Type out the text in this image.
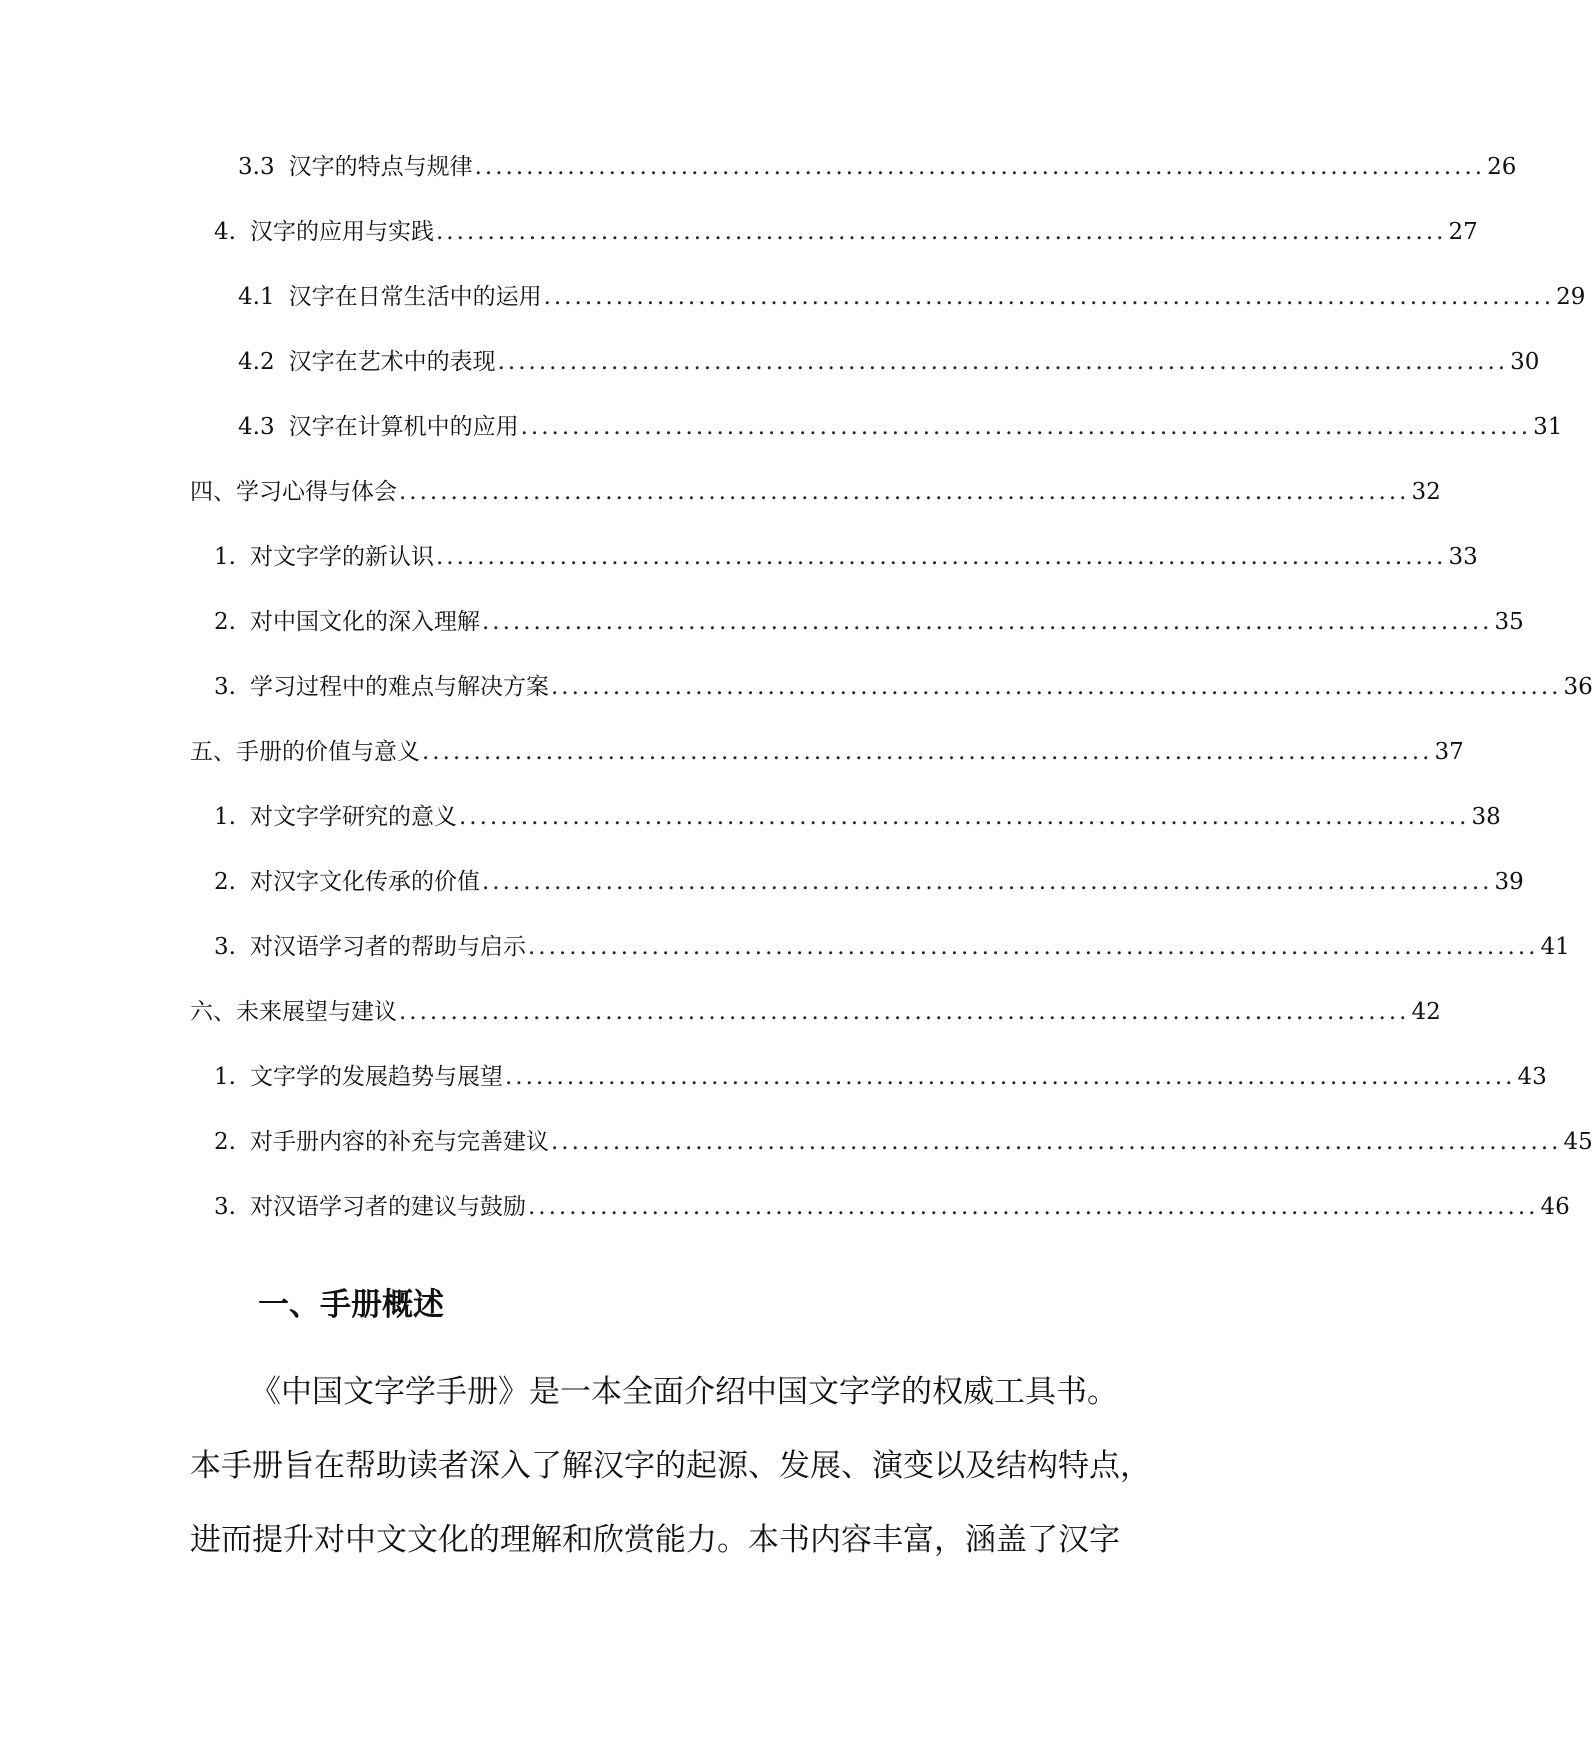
3.3 汉字的特点与规律 .................................................................................................. 26
4. 汉字的应用与实践 .................................................................................................. 27
4.1 汉字在日常生活中的运用 .................................................................................................. 29
4.2 汉字在艺术中的表现 .................................................................................................. 30
4.3 汉字在计算机中的应用 .................................................................................................. 31
四、学习心得与体会 .................................................................................................. 32
1. 对文字学的新认识 .................................................................................................. 33
2. 对中国文化的深入理解 .................................................................................................. 35
3. 学习过程中的难点与解决方案 .................................................................................................. 36
五、手册的价值与意义 .................................................................................................. 37
1. 对文字学研究的意义 .................................................................................................. 38
2. 对汉字文化传承的价值 .................................................................................................. 39
3. 对汉语学习者的帮助与启示 .................................................................................................. 41
六、未来展望与建议 .................................................................................................. 42
1. 文字学的发展趋势与展望 .................................................................................................. 43
2. 对手册内容的补充与完善建议 .................................................................................................. 45
3. 对汉语学习者的建议与鼓励 .................................................................................................. 46
一、手册概述
《中国文字学手册》是一本全面介绍中国文字学的权威工具书。
本手册旨在帮助读者深入了解汉字的起源、发展、演变以及结构特点，
进而提升对中文文化的理解和欣赏能力。本书内容丰富，涵盖了汉字
